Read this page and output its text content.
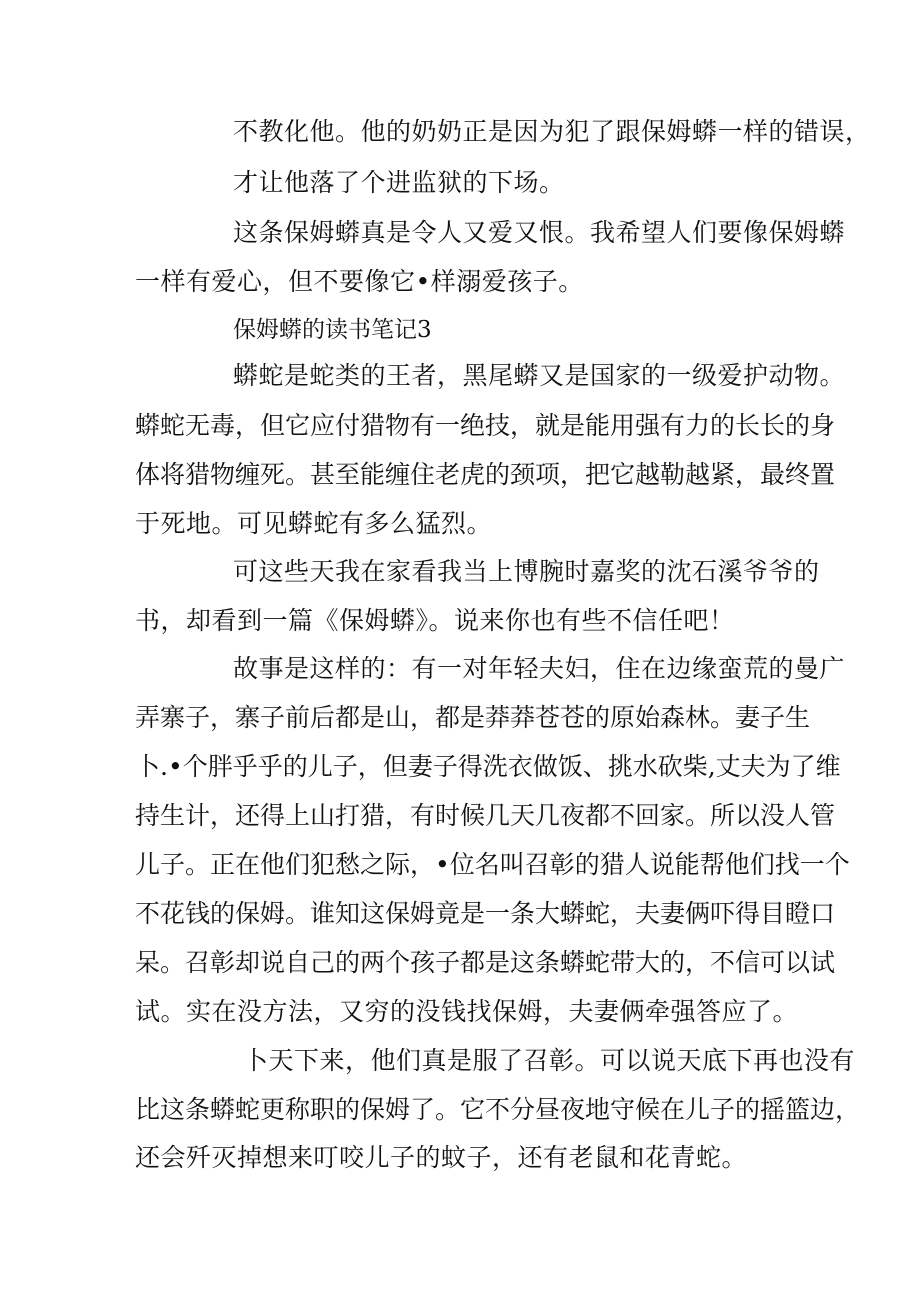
不教化他。他的奶奶正是因为犯了跟保姆蟒一样的错误，
才让他落了个进监狱的下场。
这条保姆蟒真是令人又爱又恨。我希望人们要像保姆蟒
一样有爱心，但不要像它•样溺爱孩子。
保姆蟒的读书笔记3
蟒蛇是蛇类的王者，黑尾蟒又是国家的一级爱护动物。
蟒蛇无毒，但它应付猎物有一绝技，就是能用强有力的长长的身
体将猎物缠死。甚至能缠住老虎的颈项，把它越勒越紧，最终置
于死地。可见蟒蛇有多么猛烈。
可这些天我在家看我当上博腕时嘉奖的沈石溪爷爷的
书，却看到一篇《保姆蟒》。说来你也有些不信任吧！
故事是这样的：有一对年轻夫妇，住在边缘蛮荒的曼广
弄寨子，寨子前后都是山，都是莽莽苍苍的原始森林。妻子生
卜.•个胖乎乎的儿子，但妻子得洗衣做饭、挑水砍柴,丈夫为了维
持生计，还得上山打猎，有时候几天几夜都不回家。所以没人管
儿子。正在他们犯愁之际，•位名叫召彰的猎人说能帮他们找一个
不花钱的保姆。谁知这保姆竟是一条大蟒蛇，夫妻俩吓得目瞪口
呆。召彰却说自己的两个孩子都是这条蟒蛇带大的，不信可以试
试。实在没方法，又穷的没钱找保姆，夫妻俩牵强答应了。
卜天下来，他们真是服了召彰。可以说天底下再也没有
比这条蟒蛇更称职的保姆了。它不分昼夜地守候在儿子的摇篮边，
还会歼灭掉想来叮咬儿子的蚊子，还有老鼠和花青蛇。
